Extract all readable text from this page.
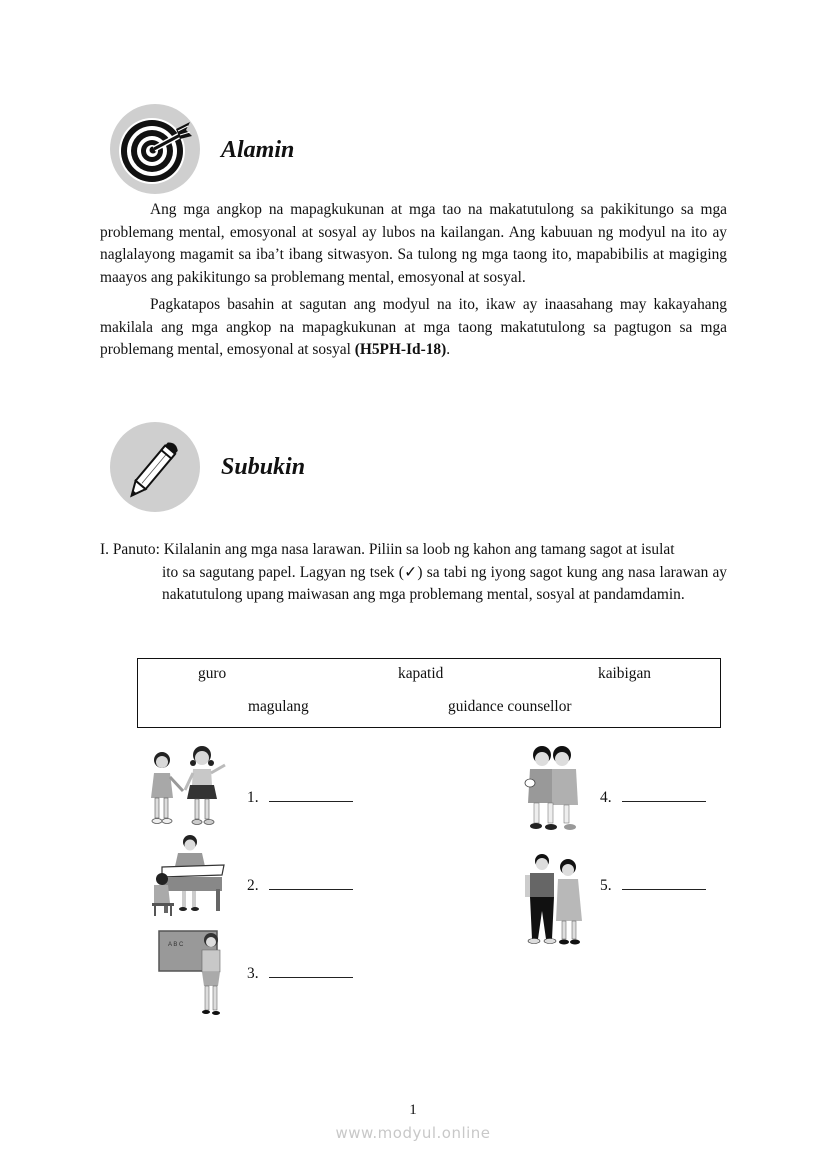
Alamin

Ang mga angkop na mapagkukunan at mga tao na makatutulong sa pakikitungo sa mga problemang mental, emosyonal at sosyal ay lubos na kailangan. Ang kabuuan ng modyul na ito ay naglalayong magamit sa iba’t ibang sitwasyon. Sa tulong ng mga taong ito, mapabibilis at magiging maayos ang pakikitungo sa problemang mental, emosyonal at sosyal.

Pagkatapos basahin at sagutan ang modyul na ito, ikaw ay inaasahang may kakayahang makilala ang mga angkop na mapagkukunan at mga taong makatutulong sa pagtugon sa mga problemang mental, emosyonal at sosyal (H5PH-Id-18).

Subukin
I. Panuto: Kilalanin ang mga nasa larawan. Piliin sa loob ng kahon ang tamang sagot at isulat
ito sa sagutang papel. Lagyan ng tsek (✓) sa tabi ng iyong sagot kung ang nasa larawan ay nakatutulong upang maiwasan ang mga problemang mental, sosyal at pandamdamin.
guro	kapatid	kaibigan
magulang	guidance counsellor
1.
2.
A B C
3.
4.
5.
1
www.modyul.online
